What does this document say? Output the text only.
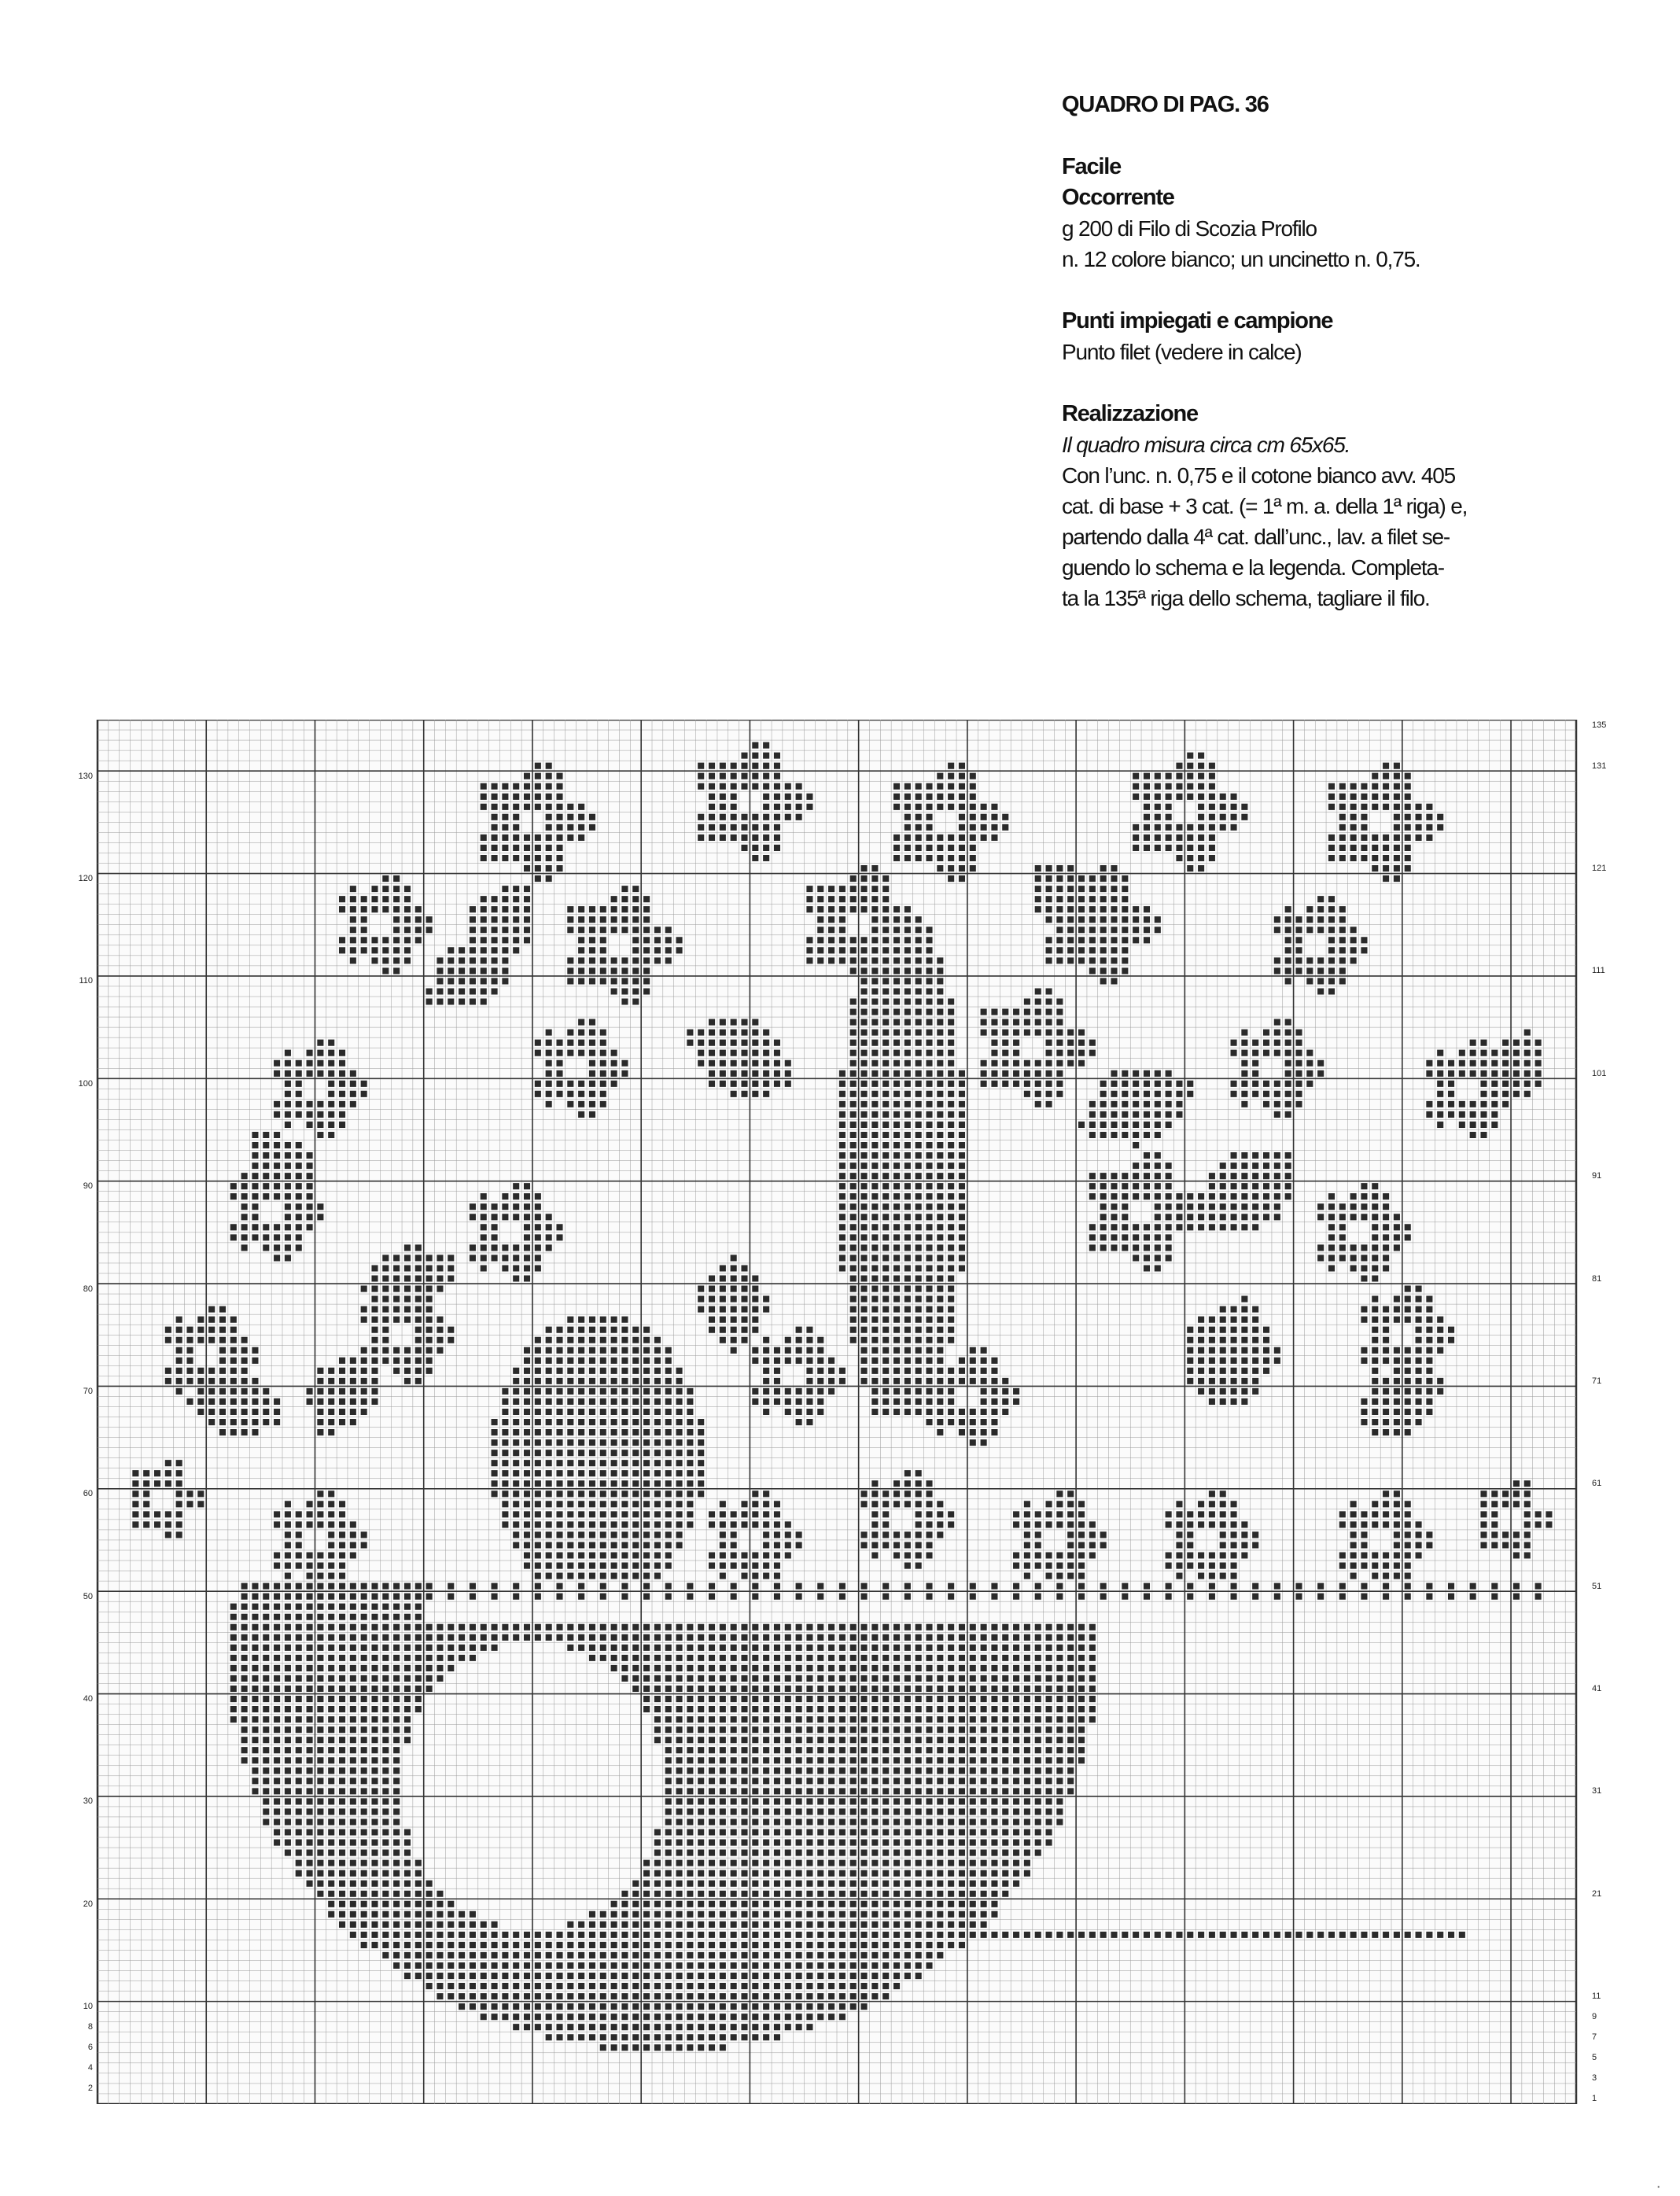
QUADRO DI PAG. 36

Facile

Occorrente

g 200 di Filo di Scozia Profilo

n. 12 colore bianco; un uncinetto n. 0,75.

Punti impiegati e campione

Punto filet (vedere in calce)

Realizzazione

Il quadro misura circa cm 65x65.

Con l’unc. n. 0,75 e il cotone bianco avv. 405

cat. di base + 3 cat. (= 1ª m. a. della 1ª riga) e,

partendo dalla 4ª cat. dall’unc., lav. a filet se-

guendo lo schema e la legenda. Completa-

ta la 135ª riga dello schema, tagliare il filo.

130
120
110
100
90
80
70
60
50
40
30
20
10
8
6
4
2
135
131
121
111
101
91
81
71
61
51
41
31
21
11
9
7
5
3
1
·
